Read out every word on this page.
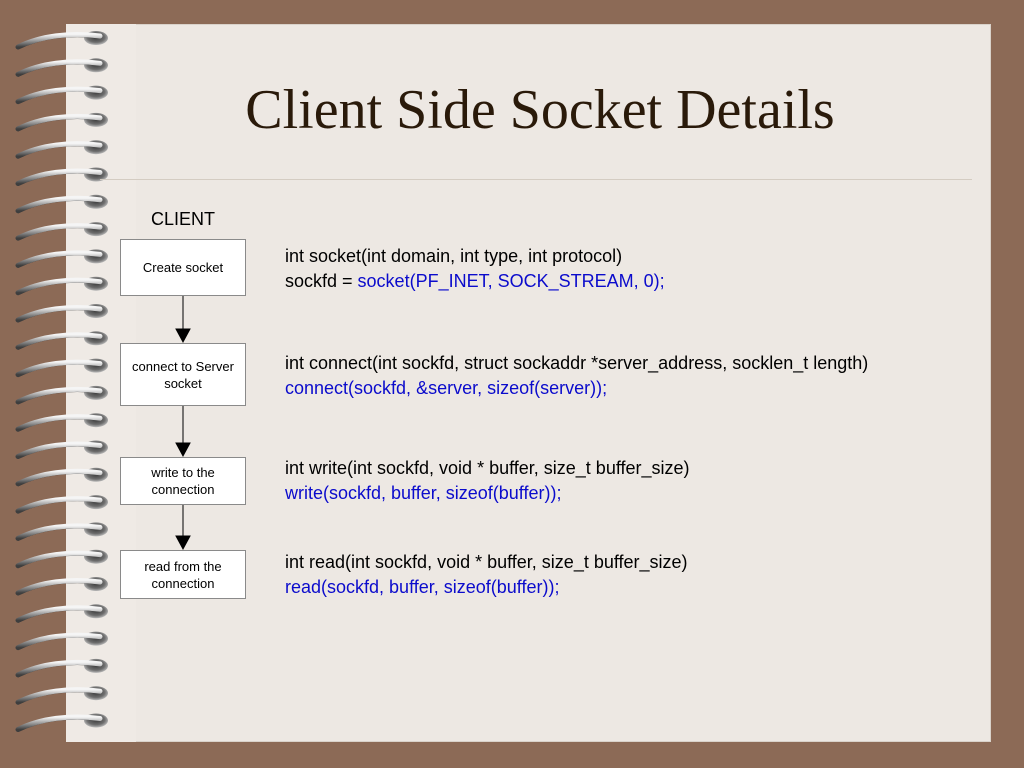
Client Side Socket Details
CLIENT
Create socket
connect to Server socket
write to the connection
read from the connection
int socket(int domain, int type, int protocol)
sockfd = socket(PF_INET, SOCK_STREAM, 0);
int connect(int sockfd, struct sockaddr *server_address, socklen_t length)
connect(sockfd, &server, sizeof(server));
int write(int sockfd, void * buffer, size_t buffer_size)
write(sockfd, buffer, sizeof(buffer));
int read(int sockfd, void * buffer, size_t buffer_size)
read(sockfd, buffer, sizeof(buffer));
